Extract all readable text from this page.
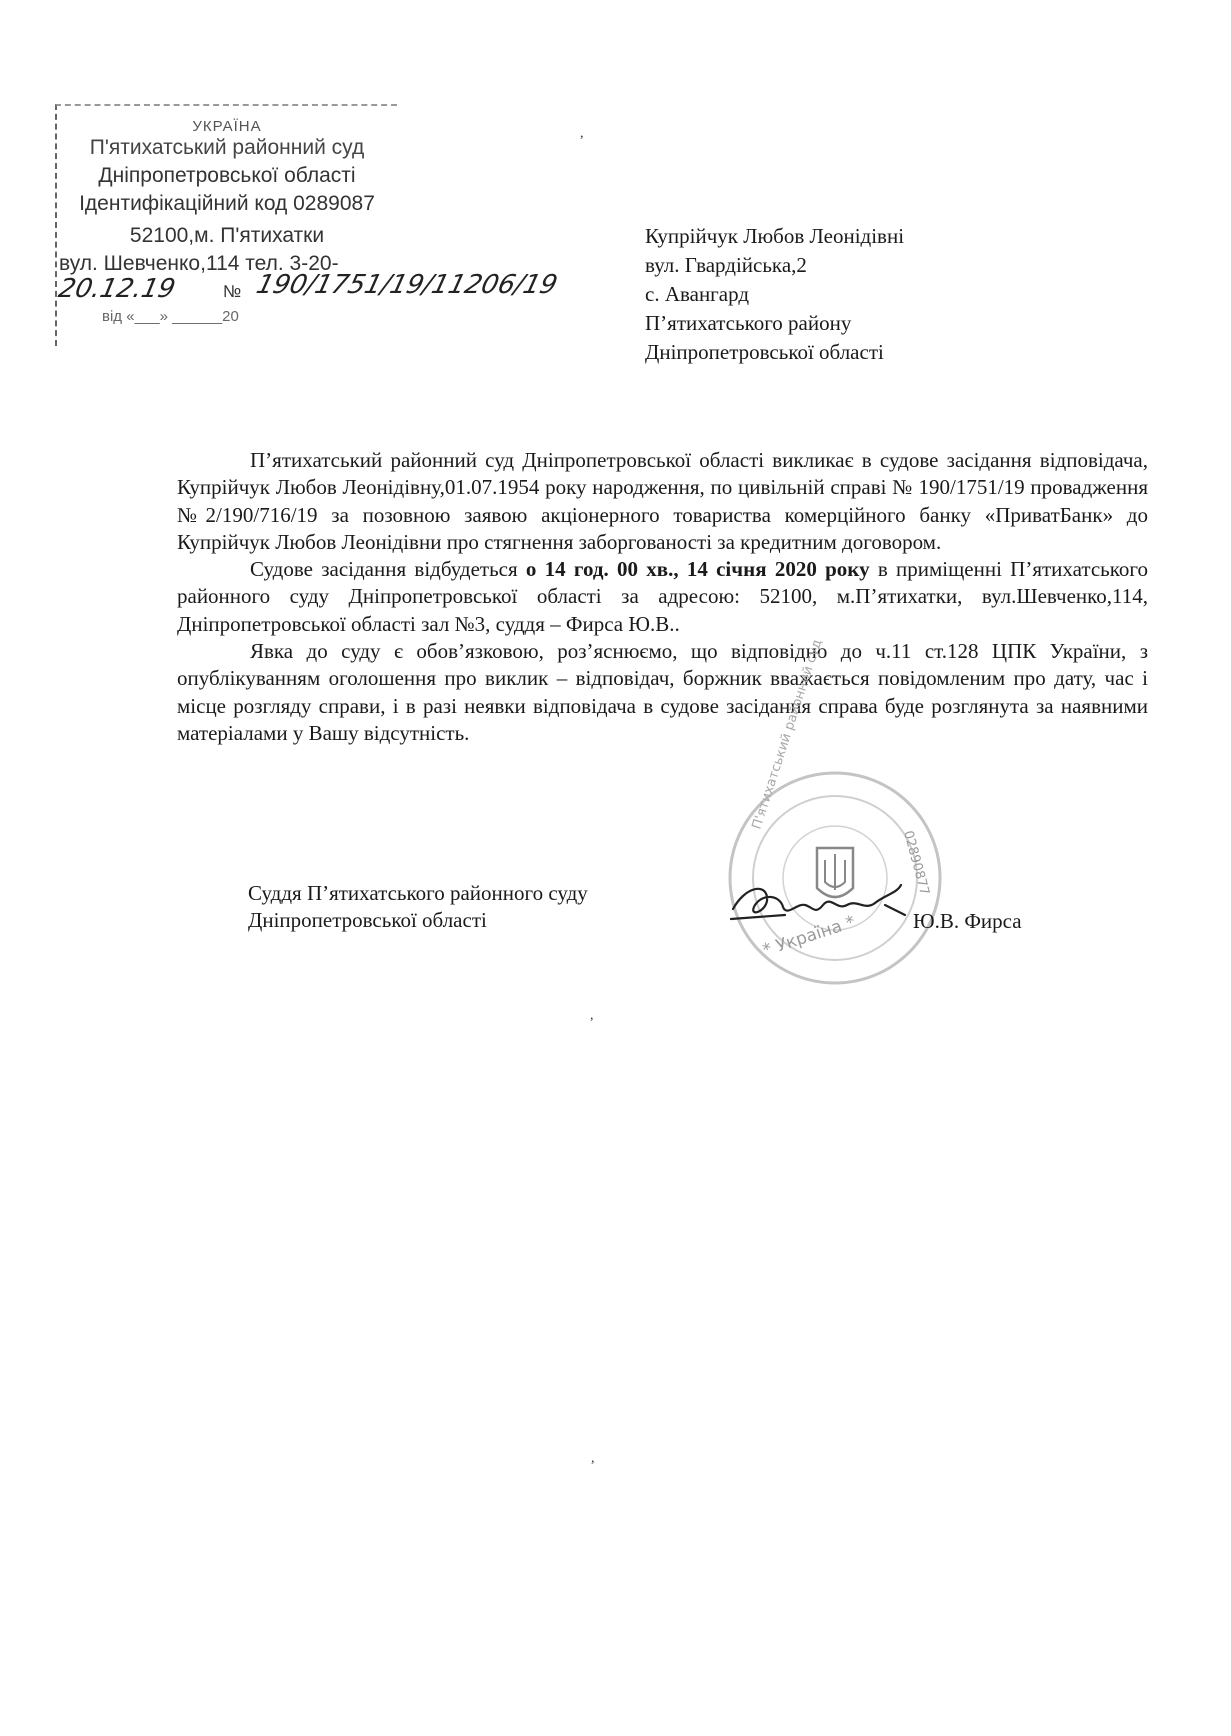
УКРАЇНА
П'ятихатський районний суд
Дніпропетровської області
Ідентифікаційний код 0289087
52100,м. П'ятихатки
вул. Шевченко,114 тел. 3-20-
20.12.19	№ 190/1751/19/11206/19
від «___» ______20
,
,
,
Купрійчук Любов Леонідівні
вул. Гвардійська,2
с. Авангард
П’ятихатського району
Дніпропетровської області

П’ятихатський районний суд Дніпропетровської області викликає в судове засідання відповідача, Купрійчук Любов Леонідівну,01.07.1954 року народження, по цивільній справі № 190/1751/19 провадження №2/190/716/19 за позовною заявою акціонерного товариства комерційного банку «ПриватБанк» до Купрійчук Любов Леонідівни про стягнення заборгованості за кредитним договором.

Судове засідання відбудеться о 14 год. 00 хв., 14 січня 2020 року в приміщенні П’ятихатського районного суду Дніпропетровської області за адресою: 52100, м.П’ятихатки, вул.Шевченко,114, Дніпропетровської області зал №3, суддя – Фирса Ю.В..

Явка до суду є обов’язковою, роз’яснюємо, що відповідно до ч.11 ст.128 ЦПК України, з опублікуванням оголошення про виклик – відповідач, боржник вважається повідомленим про дату, час і місце розгляду справи, і в разі неявки відповідача в судове засідання справа буде розглянута за наявними матеріалами у Вашу відсутність.

* Україна *
02890877
П'ятихатський районний суд
Суддя П’ятихатського районного суду
Дніпропетровської області	Ю.В. Фирса
